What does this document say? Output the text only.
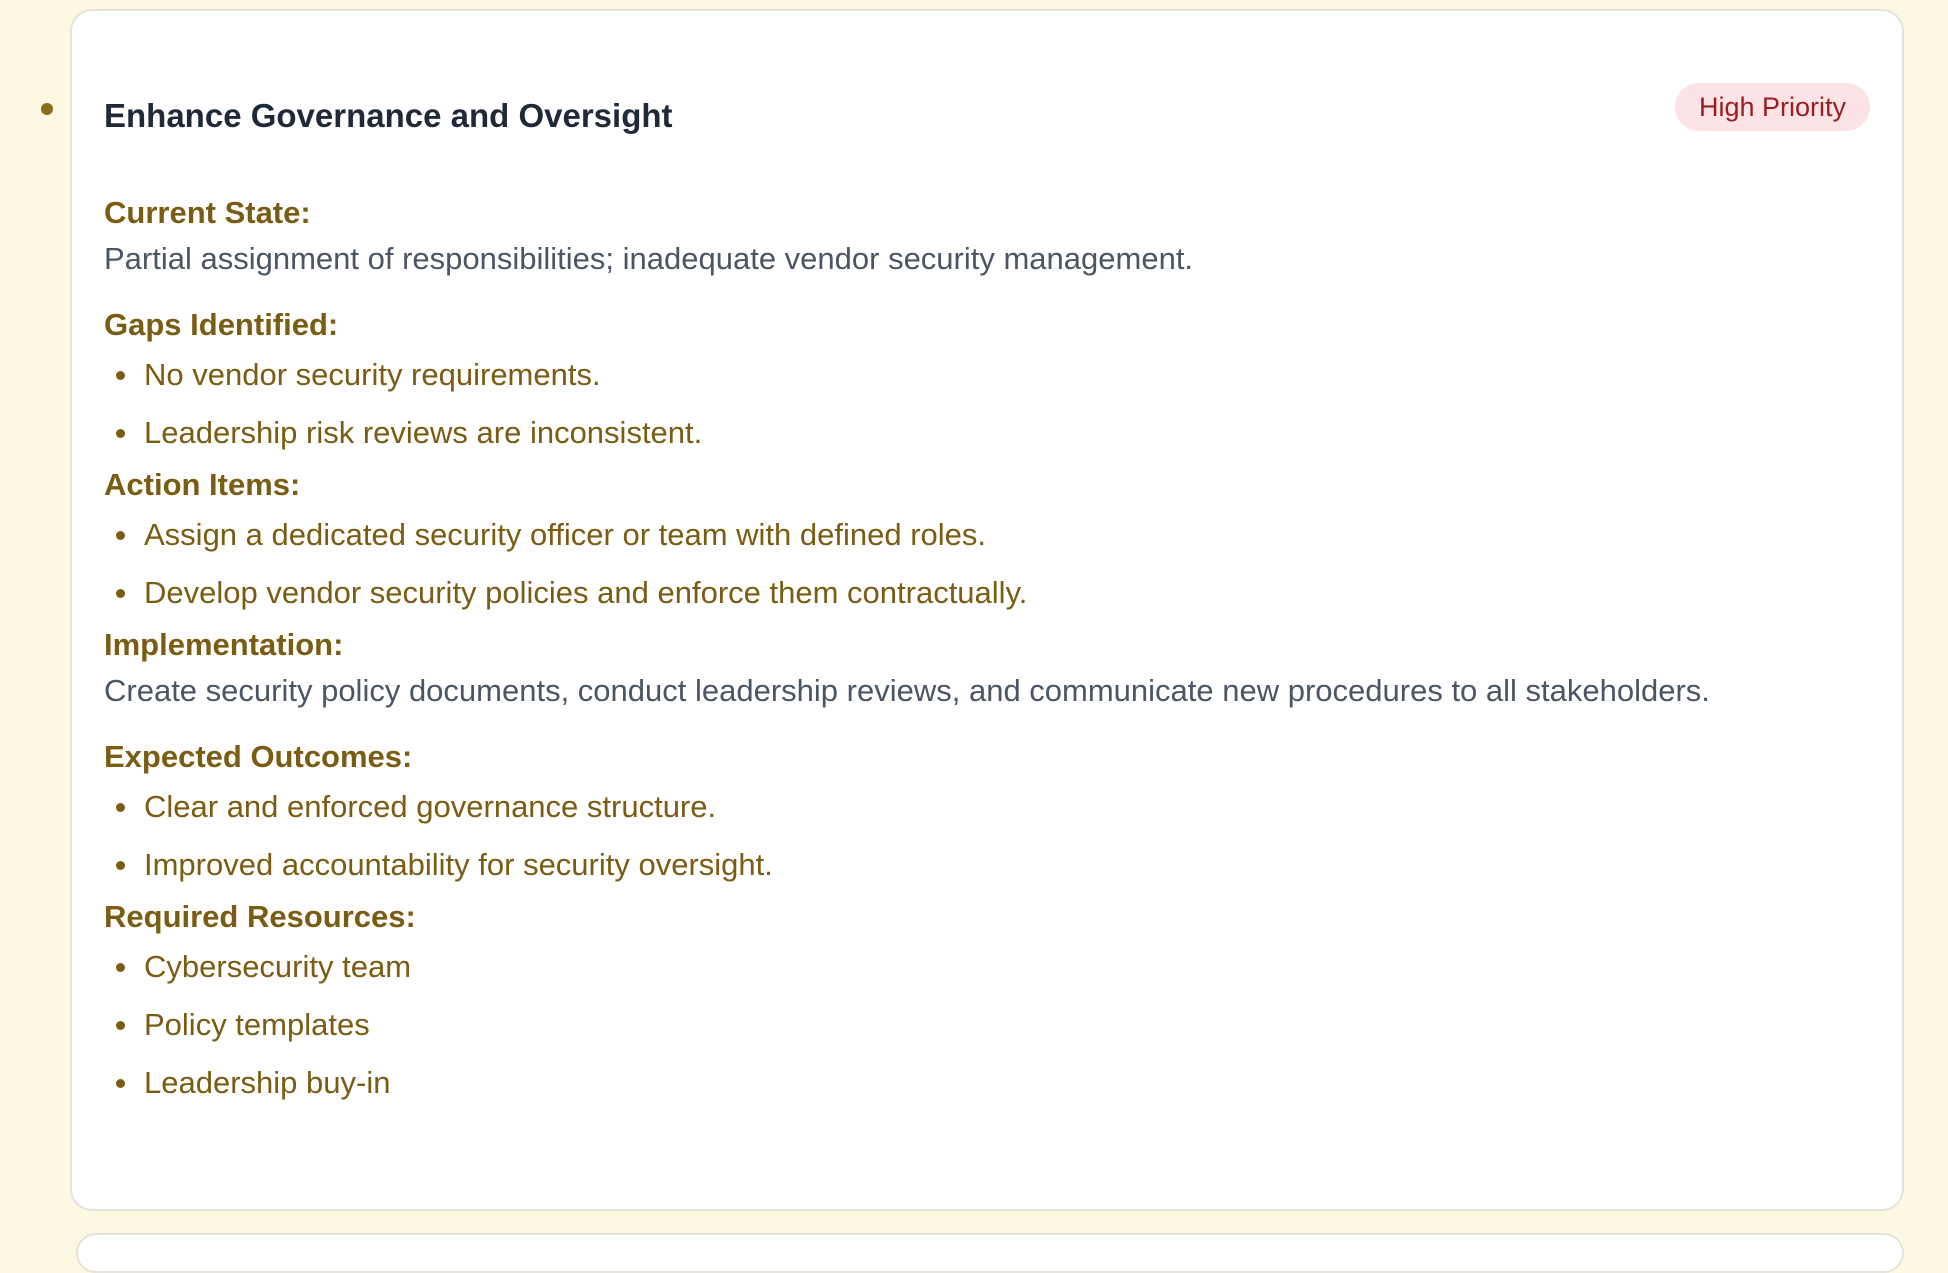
Enhance Governance and Oversight	High Priority

Current State:

Partial assignment of responsibilities; inadequate vendor security management.

Gaps Identified:

No vendor security requirements.
Leadership risk reviews are inconsistent.

Action Items:

Assign a dedicated security officer or team with defined roles.
Develop vendor security policies and enforce them contractually.

Implementation:

Create security policy documents, conduct leadership reviews, and communicate new procedures to all stakeholders.

Expected Outcomes:

Clear and enforced governance structure.
Improved accountability for security oversight.

Required Resources:

Cybersecurity team
Policy templates
Leadership buy-in
